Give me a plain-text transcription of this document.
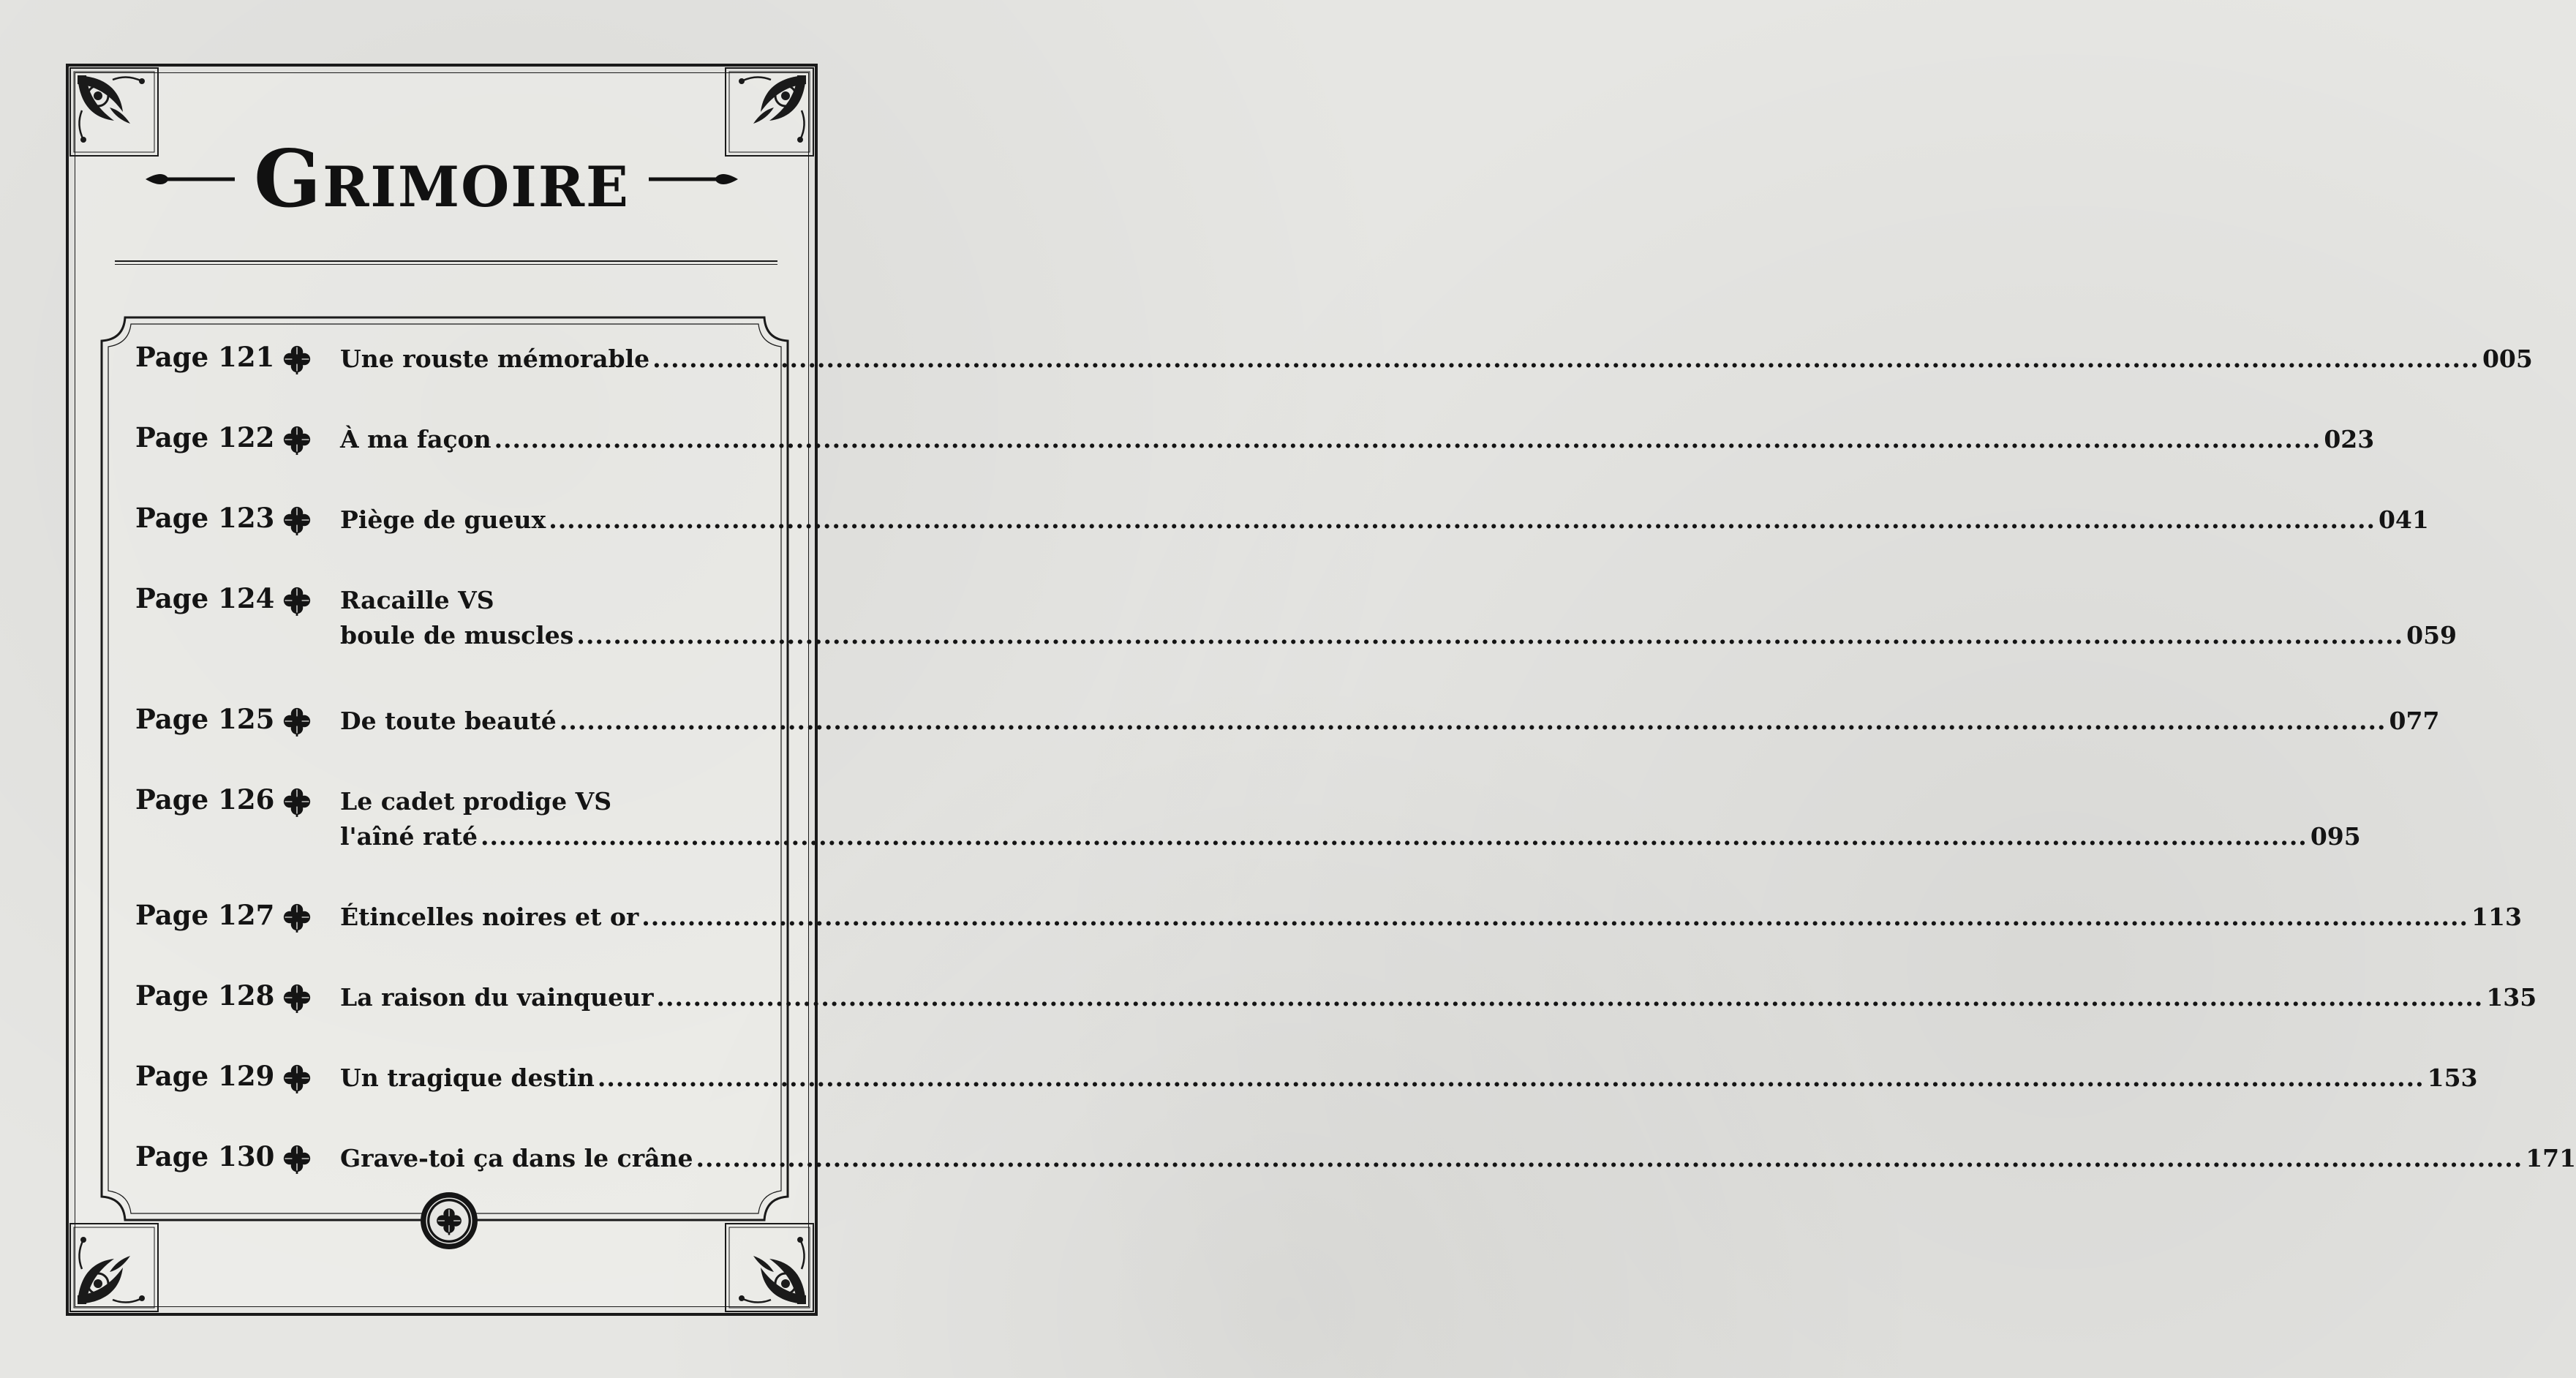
Grimoire
Page 121	Une rouste mémorable ........................................................................................................................................................................................................ 005
Page 122	À ma façon ........................................................................................................................................................................................................ 023
Page 123	Piège de gueux ........................................................................................................................................................................................................ 041
Page 124	Racaille VS
boule de muscles ........................................................................................................................................................................................................ 059
Page 125	De toute beauté ........................................................................................................................................................................................................ 077
Page 126	Le cadet prodige VS
l'aîné raté ........................................................................................................................................................................................................ 095
Page 127	Étincelles noires et or ........................................................................................................................................................................................................ 113
Page 128	La raison du vainqueur ........................................................................................................................................................................................................ 135
Page 129	Un tragique destin ........................................................................................................................................................................................................ 153
Page 130	Grave-toi ça dans le crâne ........................................................................................................................................................................................................ 171
